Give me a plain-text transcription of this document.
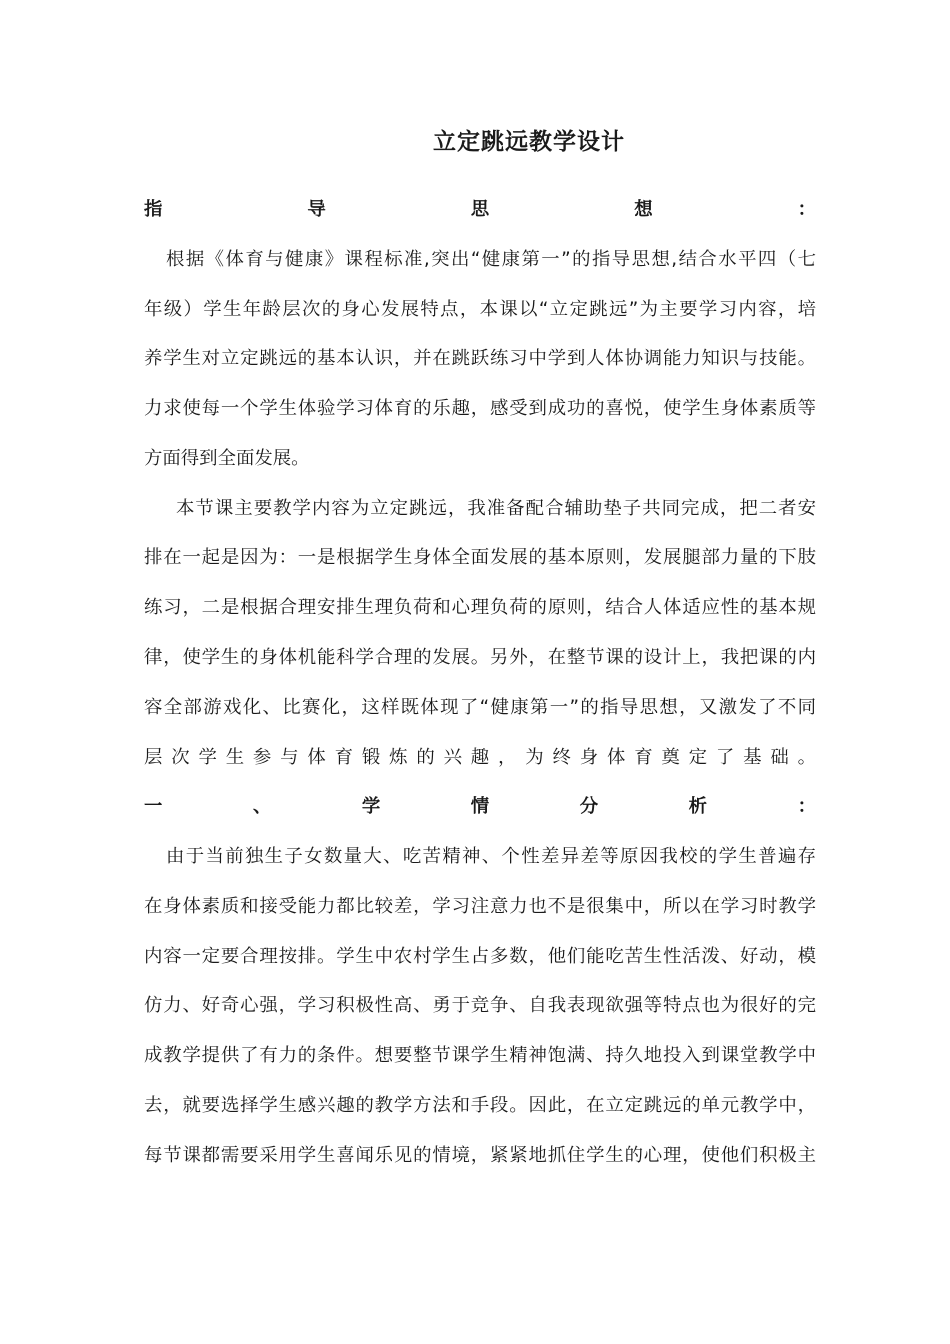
立定跳远教学设计
指导思想：
根据《体育与健康》课程标准,突出“健康第一”的指导思想,结合水平四（七
年级）学生年龄层次的身心发展特点，本课以“立定跳远”为主要学习内容，培
养学生对立定跳远的基本认识，并在跳跃练习中学到人体协调能力知识与技能。
力求使每一个学生体验学习体育的乐趣，感受到成功的喜悦，使学生身体素质等
方面得到全面发展。
本节课主要教学内容为立定跳远，我准备配合辅助垫子共同完成，把二者安
排在一起是因为：一是根据学生身体全面发展的基本原则，发展腿部力量的下肢
练习，二是根据合理安排生理负荷和心理负荷的原则，结合人体适应性的基本规
律，使学生的身体机能科学合理的发展。另外，在整节课的设计上，我把课的内
容全部游戏化、比赛化，这样既体现了“健康第一”的指导思想，又激发了不同
层次学生参与体育锻炼的兴趣，为终身体育奠定了基础。
一、学情分析：
由于当前独生子女数量大、吃苦精神、个性差异差等原因我校的学生普遍存
在身体素质和接受能力都比较差，学习注意力也不是很集中，所以在学习时教学
内容一定要合理按排。学生中农村学生占多数，他们能吃苦生性活泼、好动，模
仿力、好奇心强，学习积极性高、勇于竞争、自我表现欲强等特点也为很好的完
成教学提供了有力的条件。想要整节课学生精神饱满、持久地投入到课堂教学中
去，就要选择学生感兴趣的教学方法和手段。因此，在立定跳远的单元教学中，
每节课都需要采用学生喜闻乐见的情境，紧紧地抓住学生的心理，使他们积极主
